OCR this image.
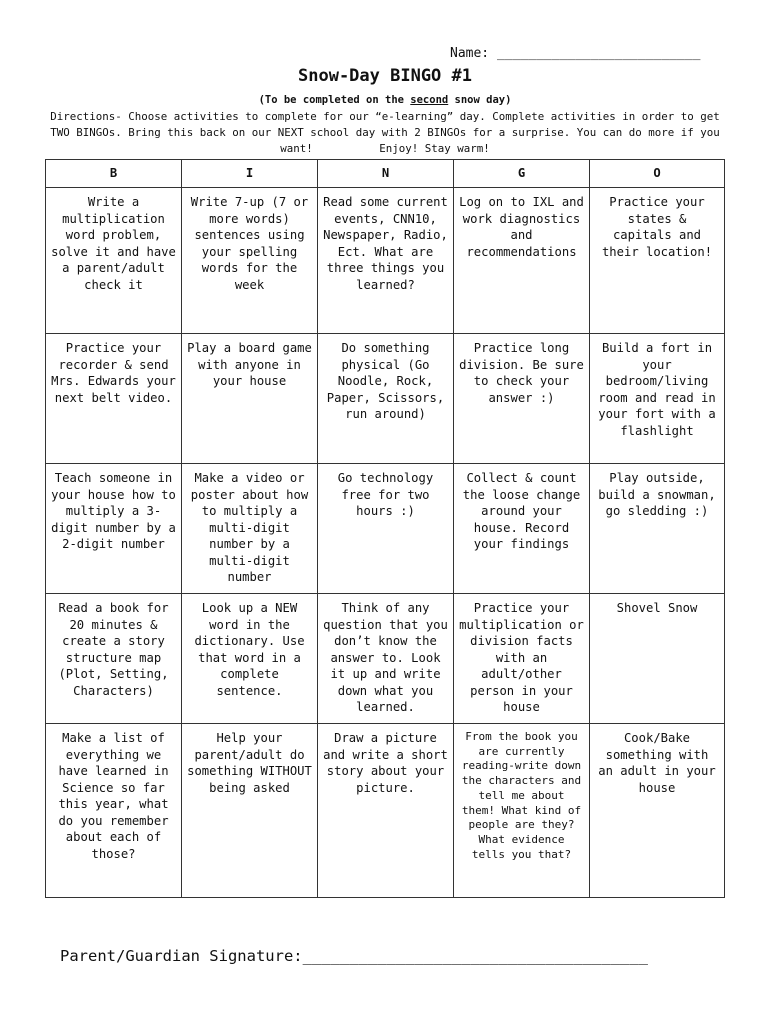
Name: __________________________
Snow-Day BINGO #1
(To be completed on the second snow day)
Directions- Choose activities to complete for our “e-learning” day. Complete activities in order to get TWO BINGOs. Bring this back on our NEXT school day with 2 BINGOs for a surprise. You can do more if you want!	Enjoy! Stay warm!
B	I	N	G	O
Write a multiplication word problem, solve it and have a parent/adult check it	Write 7-up (7 or more words) sentences using your spelling words for the week	Read some current events, CNN10, Newspaper, Radio, Ect. What are three things you learned?	Log on to IXL and work diagnostics and recommendations	Practice your states & capitals and their location!
Practice your recorder & send Mrs. Edwards your next belt video.	Play a board game with anyone in your house	Do something physical (Go Noodle, Rock, Paper, Scissors, run around)	Practice long division. Be sure to check your answer :)	Build a fort in your bedroom/living room and read in your fort with a flashlight
Teach someone in your house how to multiply a 3-digit number by a 2-digit number	Make a video or poster about how to multiply a multi-digit number by a multi-digit number	Go technology free for two hours :)	Collect & count the loose change around your house. Record your findings	Play outside, build a snowman, go sledding :)
Read a book for 20 minutes & create a story structure map (Plot, Setting, Characters)	Look up a NEW word in the dictionary. Use that word in a complete sentence.	Think of any question that you don’t know the answer to. Look it up and write down what you learned.	Practice your multiplication or division facts with an adult/other person in your house	Shovel Snow
Make a list of everything we have learned in Science so far this year, what do you remember about each of those?	Help your parent/adult do something WITHOUT being asked	Draw a picture and write a short story about your picture.	From the book you are currently reading-write down the characters and tell me about them! What kind of people are they? What evidence tells you that?	Cook/Bake something with an adult in your house
Parent/Guardian Signature:_____________________________________
